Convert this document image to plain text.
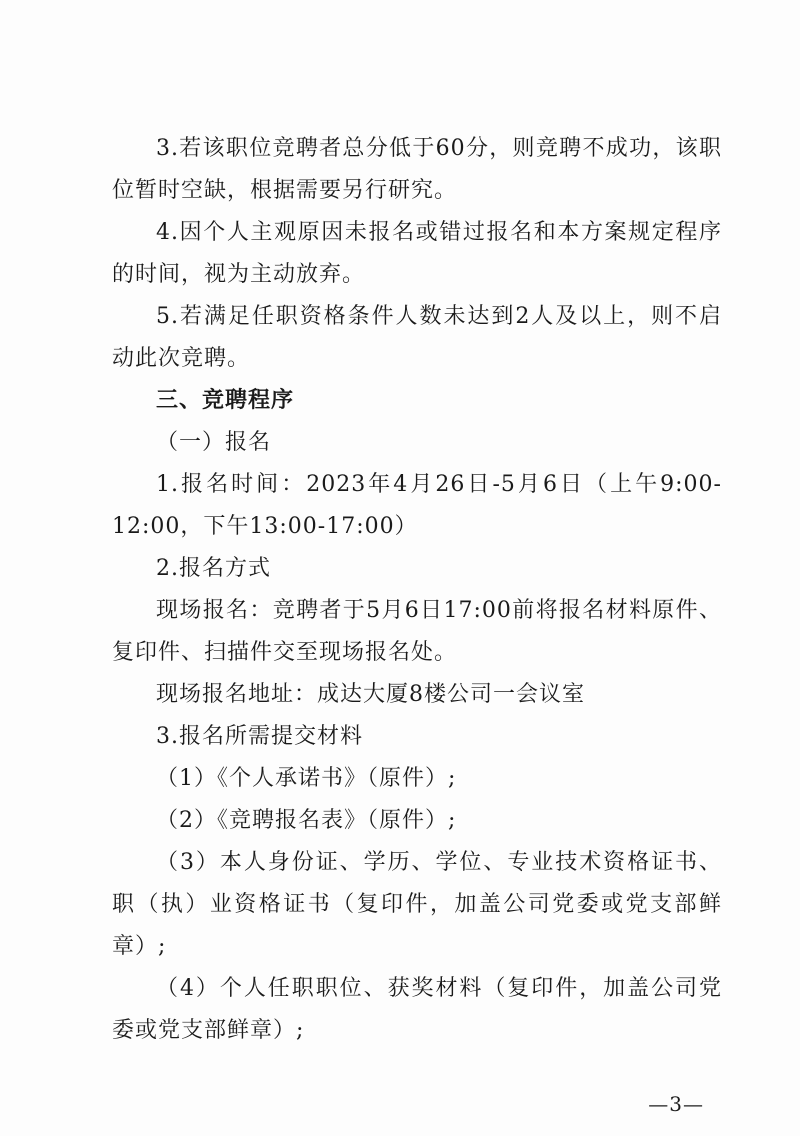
3.若该职位竞聘者总分低于60分，则竞聘不成功，该职位暂时空缺，根据需要另行研究。

4.因个人主观原因未报名或错过报名和本方案规定程序的时间，视为主动放弃。

5.若满足任职资格条件人数未达到2人及以上，则不启动此次竞聘。

三、竞聘程序

（一）报名

1.报名时间：2023年4月26日-5月6日（上午9:00-12:00，下午13:00-17:00）

2.报名方式

现场报名：竞聘者于5月6日17:00前将报名材料原件、复印件、扫描件交至现场报名处。

现场报名地址：成达大厦8楼公司一会议室

3.报名所需提交材料

（1）《个人承诺书》（原件）;

（2）《竞聘报名表》（原件）;

（3）本人身份证、学历、学位、专业技术资格证书、职（执）业资格证书（复印件，加盖公司党委或党支部鲜章）;

（4）个人任职职位、获奖材料（复印件，加盖公司党委或党支部鲜章）;

—3—
